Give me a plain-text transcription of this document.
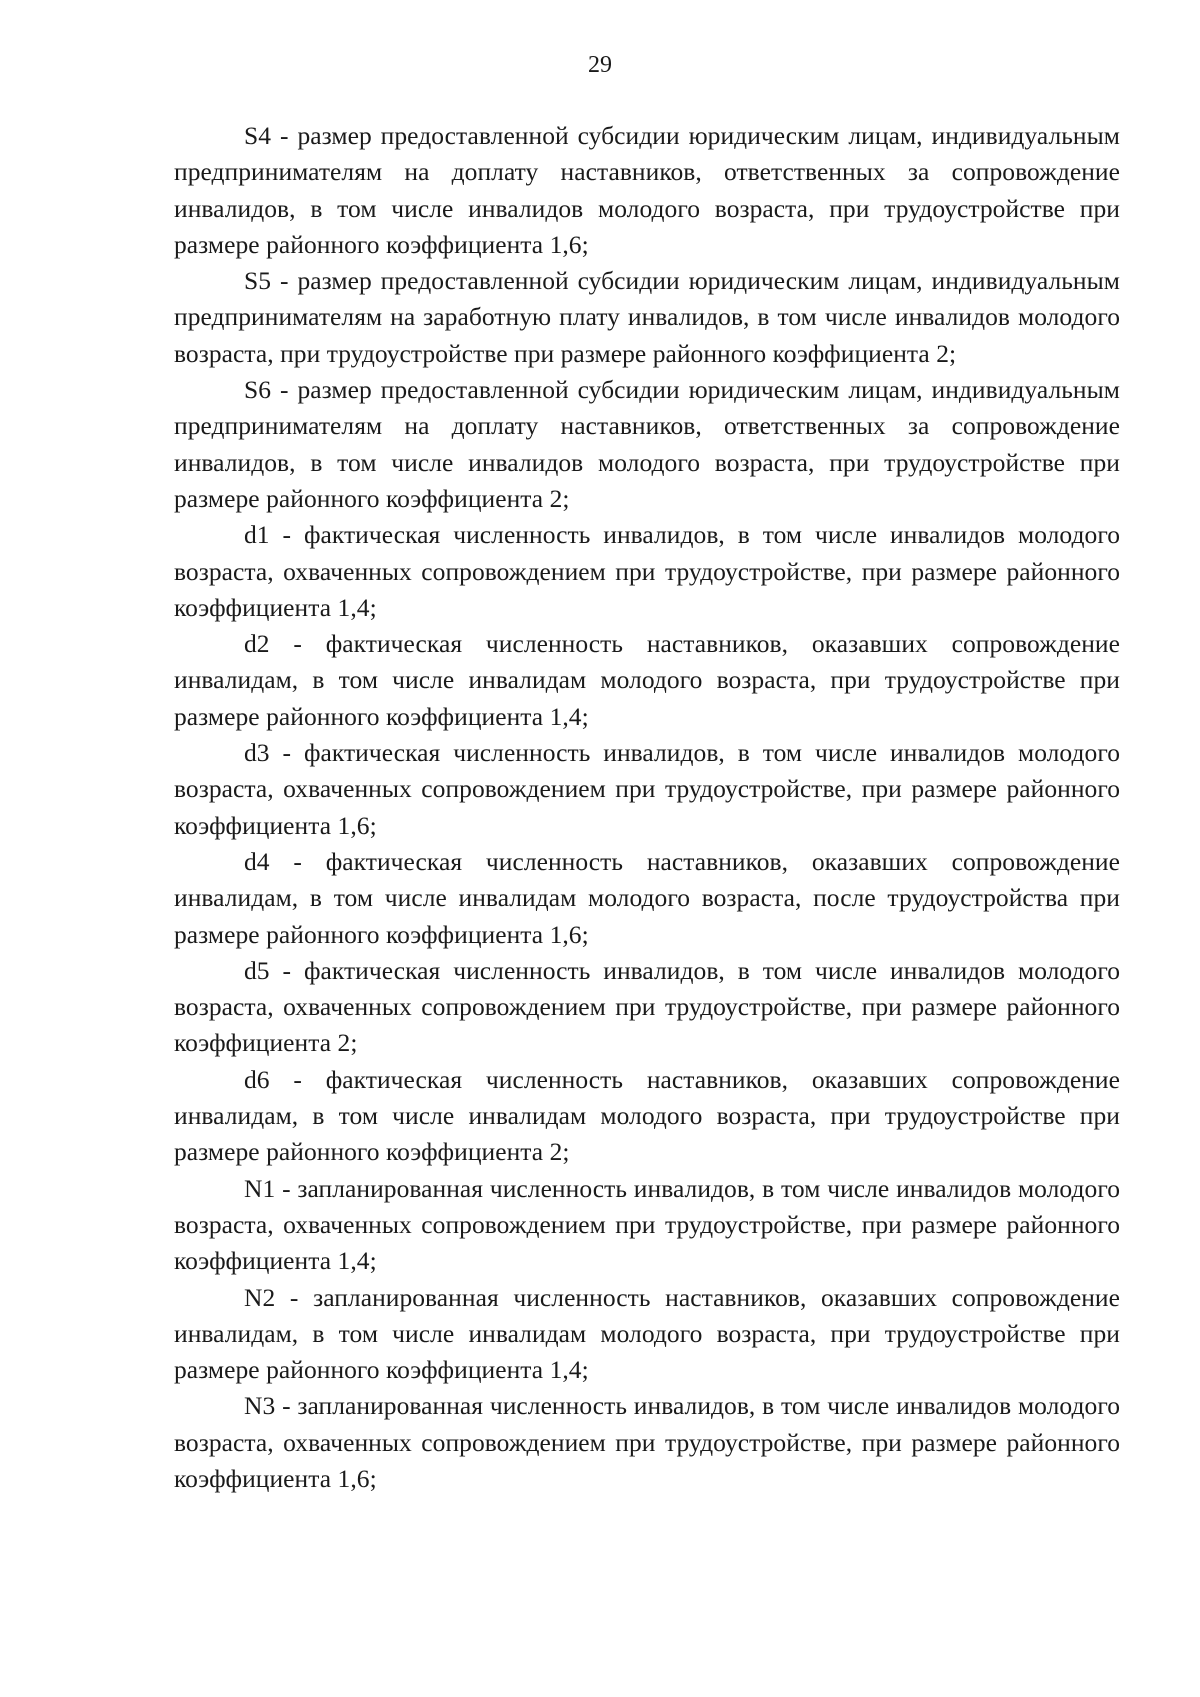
29

S4 - размер предоставленной субсидии юридическим лицам, индивидуальным предпринимателям на доплату наставников, ответственных за сопровождение инвалидов, в том числе инвалидов молодого возраста, при трудоустройстве при размере районного коэффициента 1,6;

S5 - размер предоставленной субсидии юридическим лицам, индивидуальным предпринимателям на заработную плату инвалидов, в том числе инвалидов молодого возраста, при трудоустройстве при размере районного коэффициента 2;

S6 - размер предоставленной субсидии юридическим лицам, индивидуальным предпринимателям на доплату наставников, ответственных за сопровождение инвалидов, в том числе инвалидов молодого возраста, при трудоустройстве при размере районного коэффициента 2;

d1 - фактическая численность инвалидов, в том числе инвалидов молодого возраста, охваченных сопровождением при трудоустройстве, при размере районного коэффициента 1,4;

d2 - фактическая численность наставников, оказавших сопровождение инвалидам, в том числе инвалидам молодого возраста, при трудоустройстве при размере районного коэффициента 1,4;

d3 - фактическая численность инвалидов, в том числе инвалидов молодого возраста, охваченных сопровождением при трудоустройстве, при размере районного коэффициента 1,6;

d4 - фактическая численность наставников, оказавших сопровождение инвалидам, в том числе инвалидам молодого возраста, после трудоустройства при размере районного коэффициента 1,6;

d5 - фактическая численность инвалидов, в том числе инвалидов молодого возраста, охваченных сопровождением при трудоустройстве, при размере районного коэффициента 2;

d6 - фактическая численность наставников, оказавших сопровождение инвалидам, в том числе инвалидам молодого возраста, при трудоустройстве при размере районного коэффициента 2;

N1 - запланированная численность инвалидов, в том числе инвалидов молодого возраста, охваченных сопровождением при трудоустройстве, при размере районного коэффициента 1,4;

N2 - запланированная численность наставников, оказавших сопровождение инвалидам, в том числе инвалидам молодого возраста, при трудоустройстве при размере районного коэффициента 1,4;

N3 - запланированная численность инвалидов, в том числе инвалидов молодого возраста, охваченных сопровождением при трудоустройстве, при размере районного коэффициента 1,6;
